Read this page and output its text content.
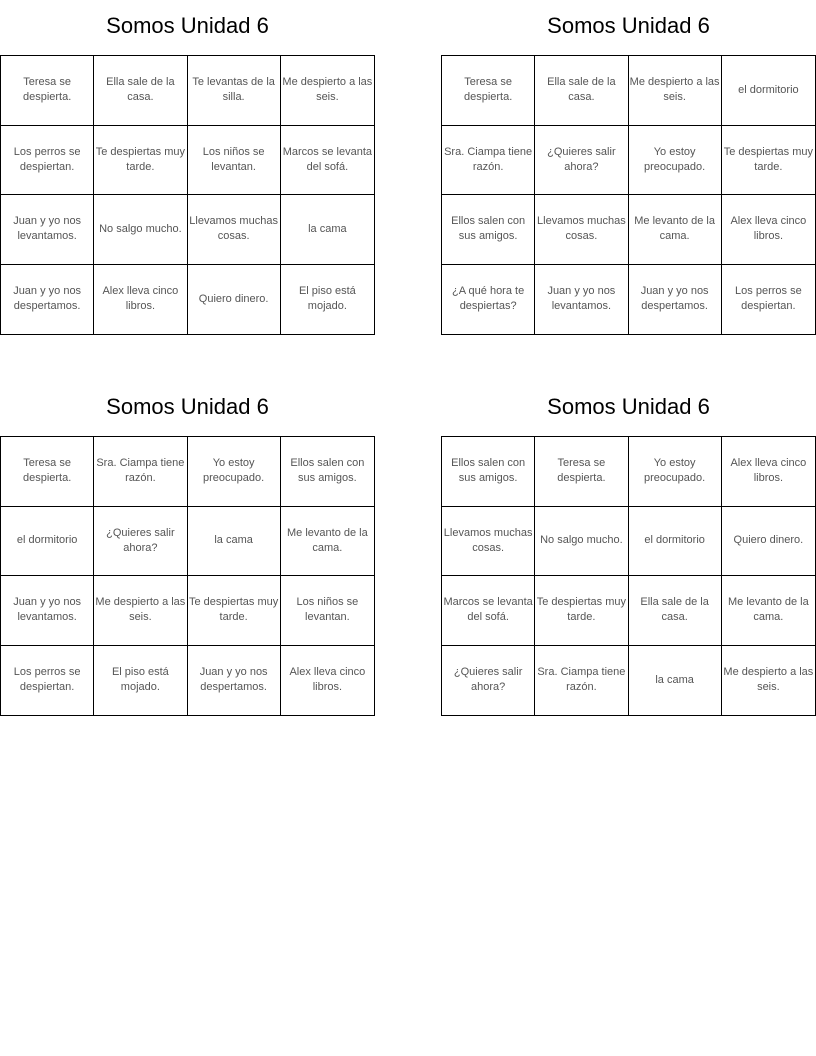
Somos Unidad 6
Teresa se despierta.
Ella sale de la casa.
Te levantas de la silla.
Me despierto a las seis.
Los perros se despiertan.
Te despiertas muy tarde.
Los niños se levantan.
Marcos se levanta del sofá.
Juan y yo nos levantamos.
No salgo mucho.
Llevamos muchas cosas.
la cama
Juan y yo nos despertamos.
Alex lleva cinco libros.
Quiero dinero.
El piso está mojado.
Somos Unidad 6
Teresa se despierta.
Ella sale de la casa.
Me despierto a las seis.
el dormitorio
Sra. Ciampa tiene razón.
¿Quieres salir ahora?
Yo estoy preocupado.
Te despiertas muy tarde.
Ellos salen con sus amigos.
Llevamos muchas cosas.
Me levanto de la cama.
Alex lleva cinco libros.
¿A qué hora te despiertas?
Juan y yo nos levantamos.
Juan y yo nos despertamos.
Los perros se despiertan.
Somos Unidad 6
Teresa se despierta.
Sra. Ciampa tiene razón.
Yo estoy preocupado.
Ellos salen con sus amigos.
el dormitorio
¿Quieres salir ahora?
la cama
Me levanto de la cama.
Juan y yo nos levantamos.
Me despierto a las seis.
Te despiertas muy tarde.
Los niños se levantan.
Los perros se despiertan.
El piso está mojado.
Juan y yo nos despertamos.
Alex lleva cinco libros.
Somos Unidad 6
Ellos salen con sus amigos.
Teresa se despierta.
Yo estoy preocupado.
Alex lleva cinco libros.
Llevamos muchas cosas.
No salgo mucho.	el dormitorio	Quiero dinero.
Marcos se levanta del sofá.
Te despiertas muy tarde.
Ella sale de la casa.
Me levanto de la cama.
¿Quieres salir ahora?
Sra. Ciampa tiene razón.
la cama
Me despierto a las seis.
